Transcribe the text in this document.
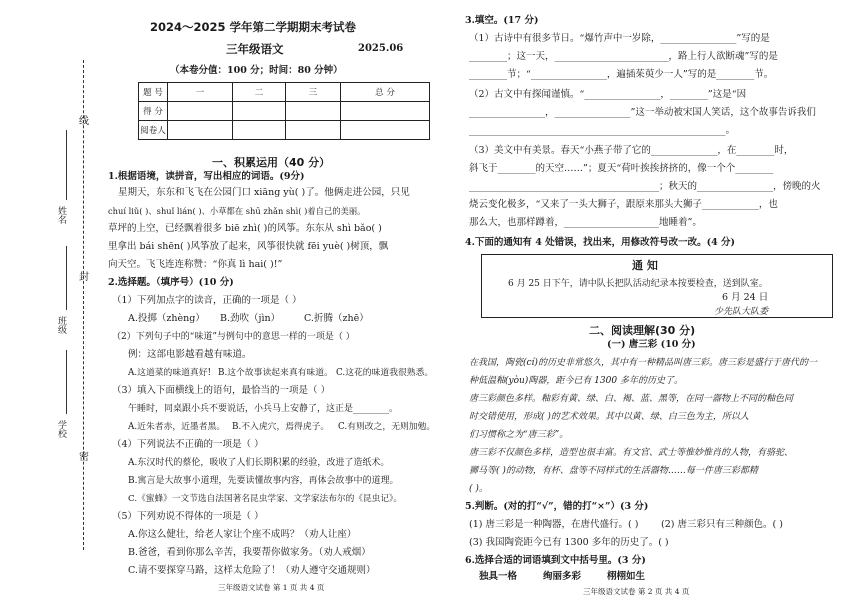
线
封
密
姓名
班级
学校
2024～2025 学年第二学期期末考试卷
三年级语文	2025.06
（本卷分值：100 分；时间：80 分钟）
题 号	一	二	三	总 分
得 分				
阅卷人				
一、积累运用（40 分）
1.根据语境，读拼音，写出相应的词语。(9分)
星期天，东东和飞飞在公园门口 xiāng yù( )了。他俩走进公园，只见
chuí liǔ( )、shuǐ lián( )、小草都在 shū zhǎn shì( )着自己的美丽。
草坪的上空，已经飘着很多 biē zhì( )的风筝。东东从 shì bǎo( )
里拿出 bái shēn( )风筝放了起来，风筝很快就 fēi yuè( )树顶，飘
向天空。飞飞连连称赞：“你真 lì hai( )!”
2.选择题。（填序号）(10 分)
（1）下列加点字的读音，正确的一项是（ ）
A.投掷（zhèng） B.劲吹（jìn）	C.折腾（zhē）
（2）下列句子中的“味道”与例句中的意思一样的一项是（ ）
例：这部电影越看越有味道。
A.这道菜的味道真好! B.这个故事读起来真有味道。 C.这花的味道我很熟悉。
（3）填入下面横线上的语句，最恰当的一项是（ ）
午睡时，同桌跟小兵不要说话，小兵马上安静了，这正是________。
A.近朱者赤，近墨者黑。 B.不入虎穴，焉得虎子。 C.有则改之，无则加勉。
（4）下列说法不正确的一项是（ ）
A.东汉时代的蔡伦，吸收了人们长期积累的经验，改进了造纸术。
B.寓言是大故事小道理，先要读懂故事内容，再体会故事中的道理。
C.《蜜蜂》一文节选自法国著名昆虫学家、文学家法布尔的《昆虫记》。
（5）下列劝说不得体的一项是（ ）
A.你这么健壮，给老人家让个座不成吗？（劝人让座）
B.爸爸，看到你那么辛苦，我要帮你做家务。（劝人戒烟）
C.请不要探穿马路，这样太危险了！（劝人遵守交通规则）
三年级语文试卷 第 1 页 共 4 页
3.填空。(17 分)
（1）古诗中有很多节日。“爆竹声中一岁除，________________”写的是
________；这一天，________________________，路上行人欲断魂”写的是
________节；“________________，遍插茱萸少一人”写的是________节。
（2）古文中有探闻谨慎。“________________，________”这是“因
________________，________________”这一举动被宋国人笑话，这个故事告诉我们
______________________________________________________。
（3）美文中有美景。春天“小燕子带了它的______________，在________时，
斜飞于________的天空……”；夏天“荷叶挨挨挤挤的，像一个个________
________________________________________；秋天的________________，傍晚的火
烧云变化极多，“又来了一头大狮子，跟原来那头大狮子____________，也
那么大，也那样蹲着，____________________地睡着”。
4.下面的通知有 4 处错误，找出来，用修改符号改一改。(4 分)
通 知
6 月 25 日下午，请中队长把队活动纪录本按要检查，送到队室。
6 月 24 日
少先队大队委
二、阅读理解(30 分)
(一) 唐三彩 (10 分)
在我国，陶瓷(cí)的历史非常悠久，其中有一种精品叫唐三彩。唐三彩是盛行于唐代的一
种低温釉(yòu)陶器，距今已有 1300 多年的历史了。
唐三彩颜色多样。釉彩有黄、绿、白、褐、蓝、黑等，在同一器物上不同的釉色同
时交错使用，形成( )的艺术效果。其中以黄、绿、白三色为主，所以人
们习惯称之为“唐三彩”。
唐三彩不仅颜色多样，造型也很丰富。有文官、武士等惟妙惟肖的人物，有骆驼、
狮马等( )的动物，有杯、盘等不同样式的生活器物……每一件唐三彩都精
( )。
5.判断。(对的打“√”，错的打“×”）(3 分)
(1) 唐三彩是一种陶器，在唐代盛行。( ) (2) 唐三彩只有三种颜色。( )
(3) 我国陶瓷距今已有 1300 多年的历史了。( )
6.选择合适的词语填到文中括号里。(3 分)
独具一格	绚丽多彩	栩栩如生
三年级语文试卷 第 2 页 共 4 页
